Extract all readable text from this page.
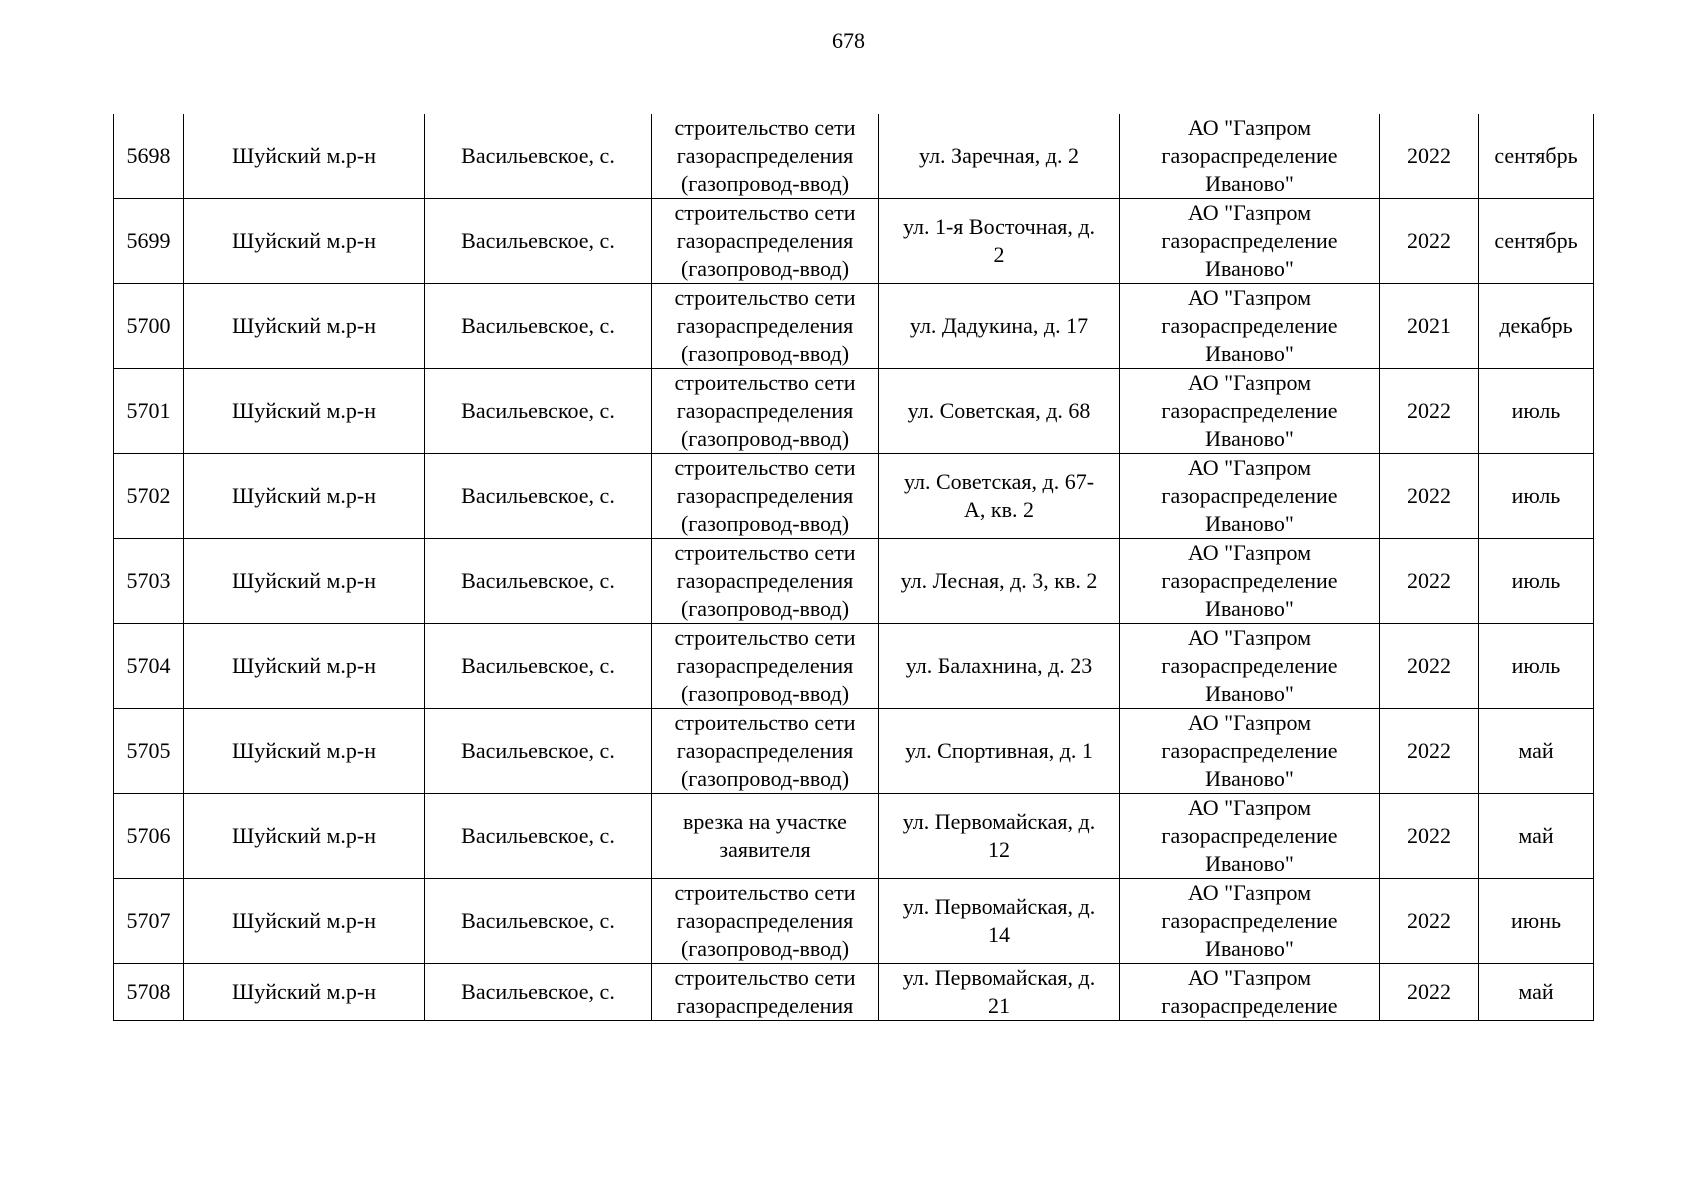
678
5698	Шуйский м.р-н	Васильевское, с.	строительство сети
газораспределения
(газопровод-ввод)	ул. Заречная, д. 2	АО "Газпром
газораспределение
Иваново"	2022	сентябрь
5699	Шуйский м.р-н	Васильевское, с.	строительство сети
газораспределения
(газопровод-ввод)	ул. 1-я Восточная, д.
2	АО "Газпром
газораспределение
Иваново"	2022	сентябрь
5700	Шуйский м.р-н	Васильевское, с.	строительство сети
газораспределения
(газопровод-ввод)	ул. Дадукина, д. 17	АО "Газпром
газораспределение
Иваново"	2021	декабрь
5701	Шуйский м.р-н	Васильевское, с.	строительство сети
газораспределения
(газопровод-ввод)	ул. Советская, д. 68	АО "Газпром
газораспределение
Иваново"	2022	июль
5702	Шуйский м.р-н	Васильевское, с.	строительство сети
газораспределения
(газопровод-ввод)	ул. Советская, д. 67-
А, кв. 2	АО "Газпром
газораспределение
Иваново"	2022	июль
5703	Шуйский м.р-н	Васильевское, с.	строительство сети
газораспределения
(газопровод-ввод)	ул. Лесная, д. 3, кв. 2	АО "Газпром
газораспределение
Иваново"	2022	июль
5704	Шуйский м.р-н	Васильевское, с.	строительство сети
газораспределения
(газопровод-ввод)	ул. Балахнина, д. 23	АО "Газпром
газораспределение
Иваново"	2022	июль
5705	Шуйский м.р-н	Васильевское, с.	строительство сети
газораспределения
(газопровод-ввод)	ул. Спортивная, д. 1	АО "Газпром
газораспределение
Иваново"	2022	май
5706	Шуйский м.р-н	Васильевское, с.	врезка на участке
заявителя	ул. Первомайская, д.
12	АО "Газпром
газораспределение
Иваново"	2022	май
5707	Шуйский м.р-н	Васильевское, с.	строительство сети
газораспределения
(газопровод-ввод)	ул. Первомайская, д.
14	АО "Газпром
газораспределение
Иваново"	2022	июнь
5708	Шуйский м.р-н	Васильевское, с.	строительство сети
газораспределения	ул. Первомайская, д.
21	АО "Газпром
газораспределение	2022	май
